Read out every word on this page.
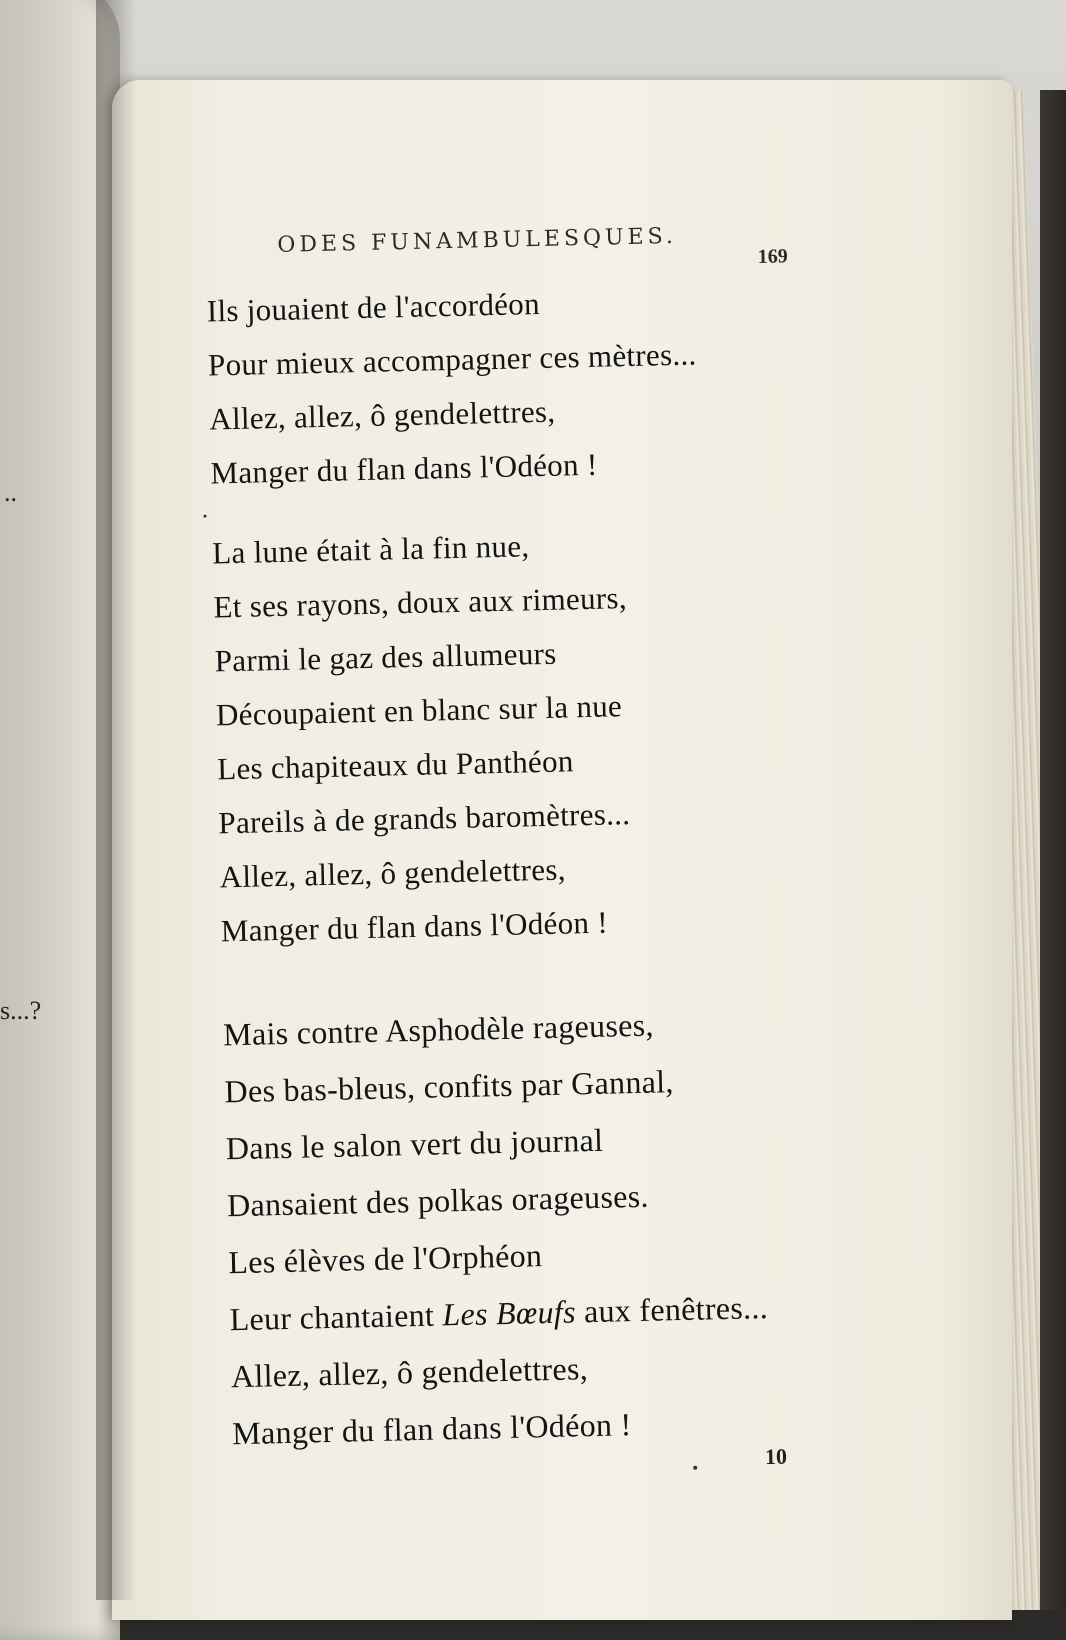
..
s...?
ODES FUNAMBULESQUES.	169
Ils jouaient de l'accordéon
Pour mieux accompagner ces mètres...
Allez, allez, ô gendelettres,
Manger du flan dans l'Odéon !
La lune était à la fin nue,
Et ses rayons, doux aux rimeurs,
Parmi le gaz des allumeurs
Découpaient en blanc sur la nue
Les chapiteaux du Panthéon
Pareils à de grands baromètres...
Allez, allez, ô gendelettres,
Manger du flan dans l'Odéon !
Mais contre Asphodèle rageuses,
Des bas-bleus, confits par Gannal,
Dans le salon vert du journal
Dansaient des polkas orageuses.
Les élèves de l'Orphéon
Leur chantaient Les Bœufs aux fenêtres...
Allez, allez, ô gendelettres,
Manger du flan dans l'Odéon !
10
